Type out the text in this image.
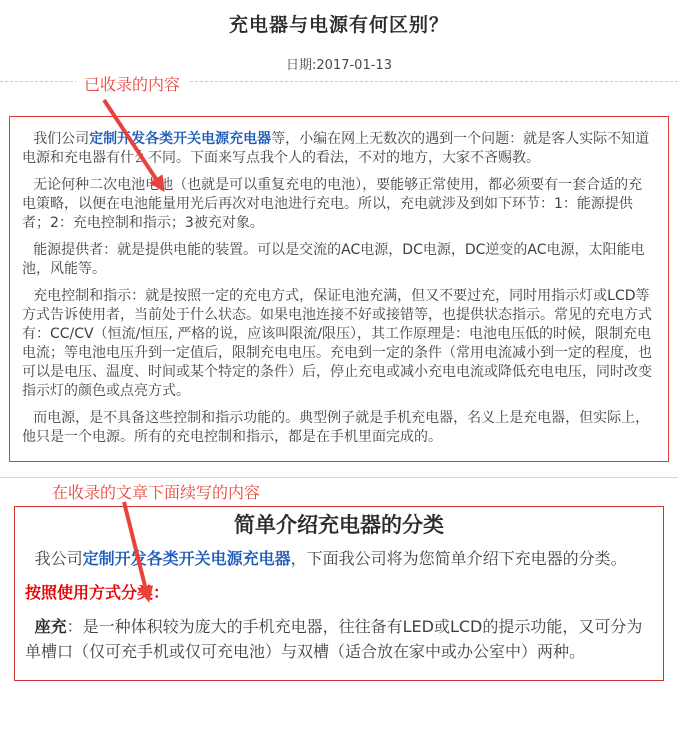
充电器与电源有何区别？
日期:2017-01-13
已收录的内容

我们公司定制开发各类开关电源充电器等，小编在网上无数次的遇到一个问题：就是客人实际不知道电源和充电器有什么不同。下面来写点我个人的看法，不对的地方，大家不吝赐教。

无论何种二次电池电池（也就是可以重复充电的电池），要能够正常使用，都必须要有一套合适的充电策略，以便在电池能量用光后再次对电池进行充电。所以，充电就涉及到如下环节：1：能源提供者；2：充电控制和指示；3被充对象。

能源提供者：就是提供电能的装置。可以是交流的AC电源，DC电源，DC逆变的AC电源，太阳能电池，风能等。

充电控制和指示：就是按照一定的充电方式，保证电池充满，但又不要过充，同时用指示灯或LCD等方式告诉使用者，当前处于什么状态。如果电池连接不好或接错等，也提供状态指示。常见的充电方式有：CC/CV（恒流/恒压, 严格的说，应该叫限流/限压），其工作原理是：电池电压低的时候，限制充电电流；等电池电压升到一定值后，限制充电电压。充电到一定的条件（常用电流减小到一定的程度，也可以是电压、温度、时间或某个特定的条件）后，停止充电或减小充电电流或降低充电电压，同时改变指示灯的颜色或点亮方式。

而电源，是不具备这些控制和指示功能的。典型例子就是手机充电器，名义上是充电器，但实际上，他只是一个电源。所有的充电控制和指示，都是在手机里面完成的。

在收录的文章下面续写的内容
简单介绍充电器的分类

我公司定制开发各类开关电源充电器，下面我公司将为您简单介绍下充电器的分类。

按照使用方式分类：

座充：是一种体积较为庞大的手机充电器，往往备有LED或LCD的提示功能，又可分为单槽口（仅可充手机或仅可充电池）与双槽（适合放在家中或办公室中）两种。
